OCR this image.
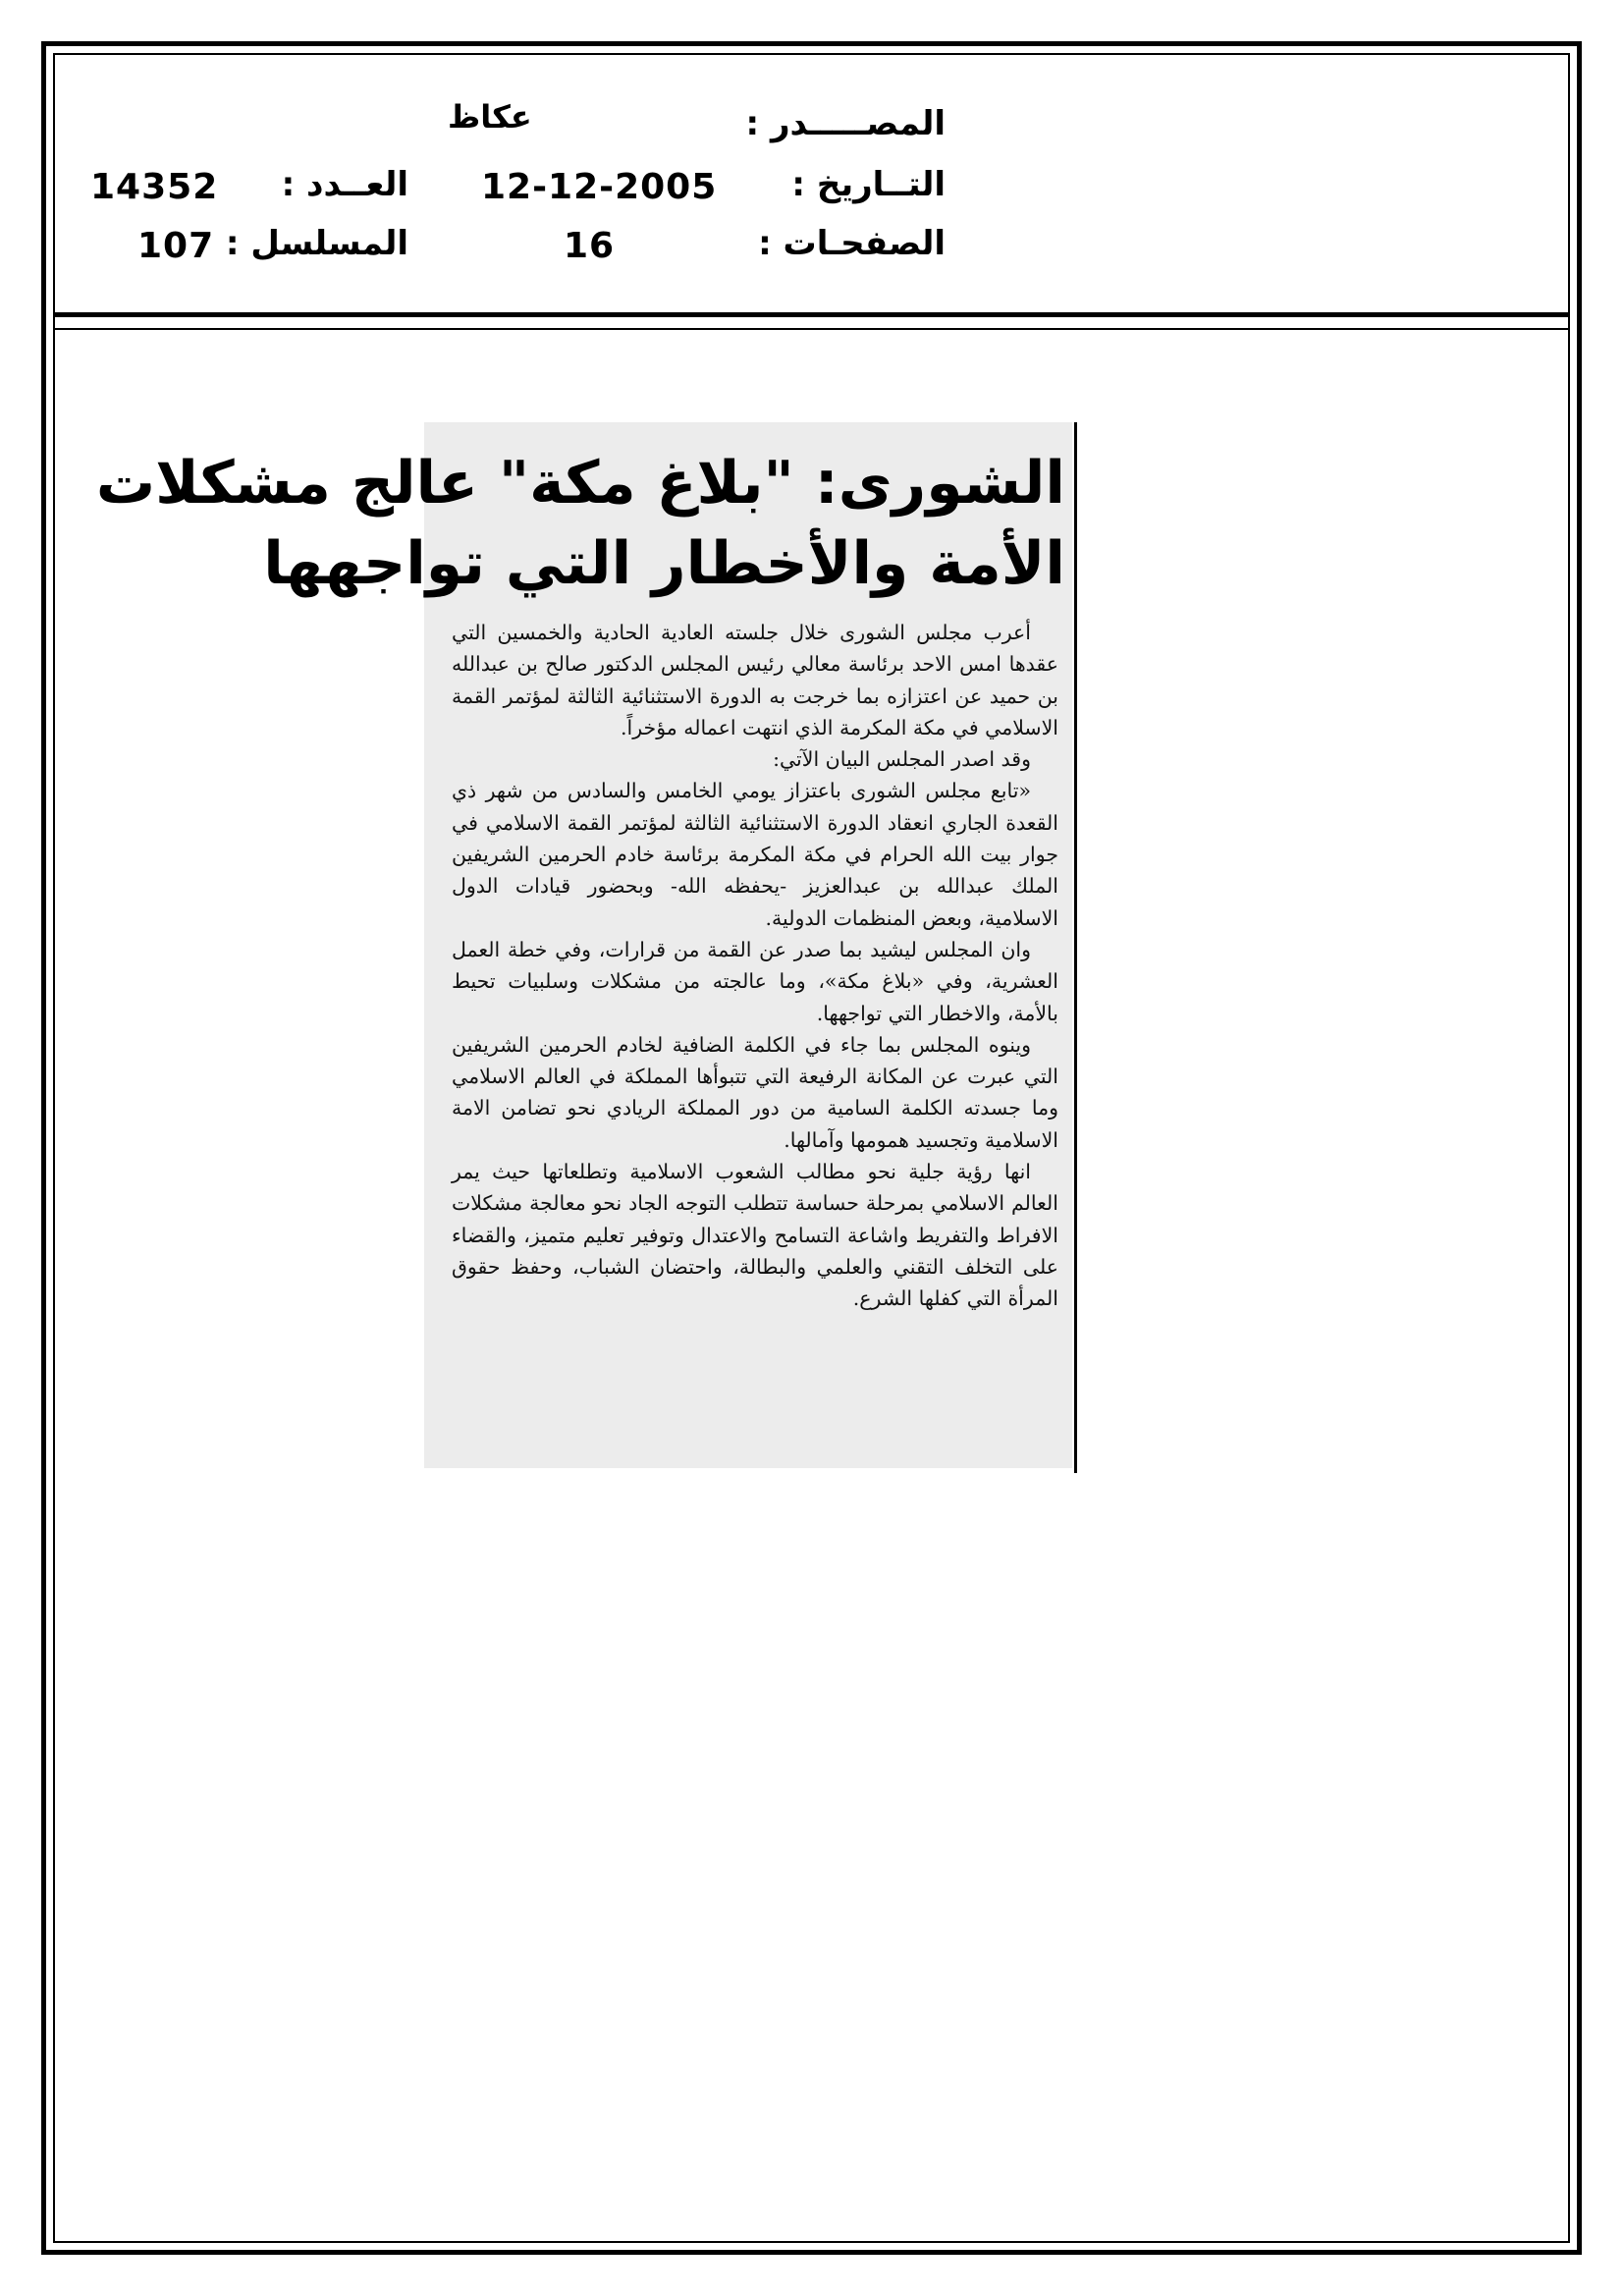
المصـــــدر :
عكاظ
التــاريخ :
12-12-2005
الصفحـات :
16
العــدد :
14352
المسلسل :
107
الشورى: "بلاغ مكة" عالج مشكلات
الأمة والأخطار التي تواجهها

أعرب مجلس الشورى خلال جلسته العادية الحادية والخمسين التي عقدها امس الاحد برئاسة معالي رئيس المجلس الدكتور صالح بن عبدالله بن حميد عن اعتزازه بما خرجت به الدورة الاستثنائية الثالثة لمؤتمر القمة الاسلامي في مكة المكرمة الذي انتهت اعماله مؤخراً.

وقد اصدر المجلس البيان الآتي:

«تابع مجلس الشورى باعتزاز يومي الخامس والسادس من شهر ذي القعدة الجاري انعقاد الدورة الاستثنائية الثالثة لمؤتمر القمة الاسلامي في جوار بيت الله الحرام في مكة المكرمة برئاسة خادم الحرمين الشريفين الملك عبدالله بن عبدالعزيز -يحفظه الله- وبحضور قيادات الدول الاسلامية، وبعض المنظمات الدولية.

وان المجلس ليشيد بما صدر عن القمة من قرارات، وفي خطة العمل العشرية، وفي «بلاغ مكة»، وما عالجته من مشكلات وسلبيات تحيط بالأمة، والاخطار التي تواجهها.

وينوه المجلس بما جاء في الكلمة الضافية لخادم الحرمين الشريفين التي عبرت عن المكانة الرفيعة التي تتبوأها المملكة في العالم الاسلامي وما جسدته الكلمة السامية من دور المملكة الريادي نحو تضامن الامة الاسلامية وتجسيد همومها وآمالها.

انها رؤية جلية نحو مطالب الشعوب الاسلامية وتطلعاتها حيث يمر العالم الاسلامي بمرحلة حساسة تتطلب التوجه الجاد نحو معالجة مشكلات الافراط والتفريط واشاعة التسامح والاعتدال وتوفير تعليم متميز، والقضاء على التخلف التقني والعلمي والبطالة، واحتضان الشباب، وحفظ حقوق المرأة التي كفلها الشرع.
